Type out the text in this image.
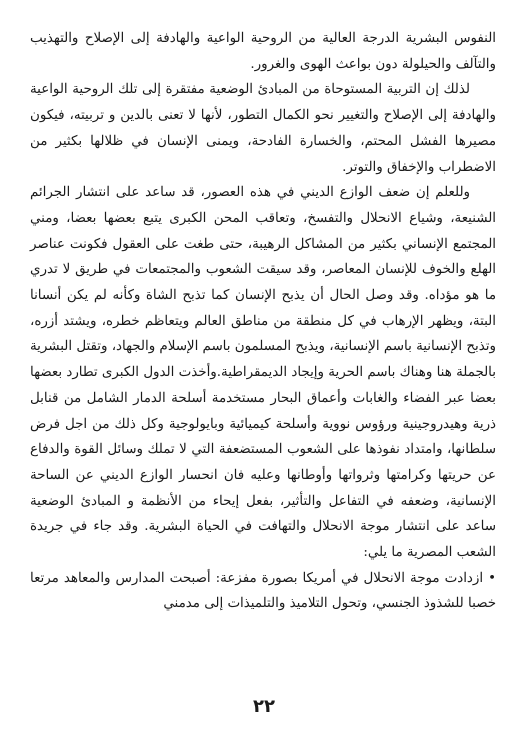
النفوس البشرية الدرجة العالية من الروحية الواعية والهادفة إلى الإصلاح والتهذيب والتآلف والحيلولة دون بواعث الهوى والغرور.

لذلك إن التربية المستوحاة من المبادئ الوضعية مفتقرة إلى تلك الروحية الواعية والهادفة إلى الإصلاح والتغيير نحو الكمال التطور، لأنها لا تعنى بالدين و تربيته، فيكون مصيرها الفشل المحتم، والخسارة الفادحة، ويمنى الإنسان في ظلالها بكثير من الاضطراب والإخفاق والتوتر.

وللعلم إن ضعف الوازع الديني في هذه العصور، قد ساعد على انتشار الجرائم الشنيعة، وشياع الانحلال والتفسخ، وتعاقب المحن الكبرى يتبع بعضها بعضا، ومني المجتمع الإنساني بكثير من المشاكل الرهيبة، حتى طغت على العقول فكونت عناصر الهلع والخوف للإنسان المعاصر، وقد سيقت الشعوب والمجتمعات في طريق لا تدري ما هو مؤداه. وقد وصل الحال أن يذبح الإنسان كما تذبح الشاة وكأنه لم يكن أنسانا البتة، ويظهر الإرهاب في كل منطقة من مناطق العالم ويتعاظم خطره، ويشتد أزره، وتذبح الإنسانية باسم الإنسانية، ويذبح المسلمون باسم الإسلام والجهاد، وتقتل البشرية بالجملة هنا وهناك باسم الحرية وإيجاد الديمقراطية.وأخذت الدول الكبرى تطارد بعضها بعضا عبر الفضاء والغابات وأعماق البحار مستخدمة أسلحة الدمار الشامل من قنابل ذرية وهيدروجينية ورؤوس نووية وأسلحة كيميائية وبايولوجية وكل ذلك من اجل فرض سلطانها، وامتداد نفوذها على الشعوب المستضعفة التي لا تملك وسائل القوة والدفاع عن حريتها وكرامتها وثرواتها وأوطانها وعليه فان انحسار الوازع الديني عن الساحة الإنسانية، وضعفه في التفاعل والتأثير، بفعل إيحاء من الأنظمة و المبادئ الوضعية ساعد على انتشار موجة الانحلال والتهافت في الحياة البشرية. وقد جاء في جريدة الشعب المصرية ما يلي:

• ازدادت موجة الانحلال في أمريكا بصورة مفزعة: أصبحت المدارس والمعاهد مرتعا خصبا للشذوذ الجنسي، وتحول التلاميذ والتلميذات إلى مدمني

٢٢
